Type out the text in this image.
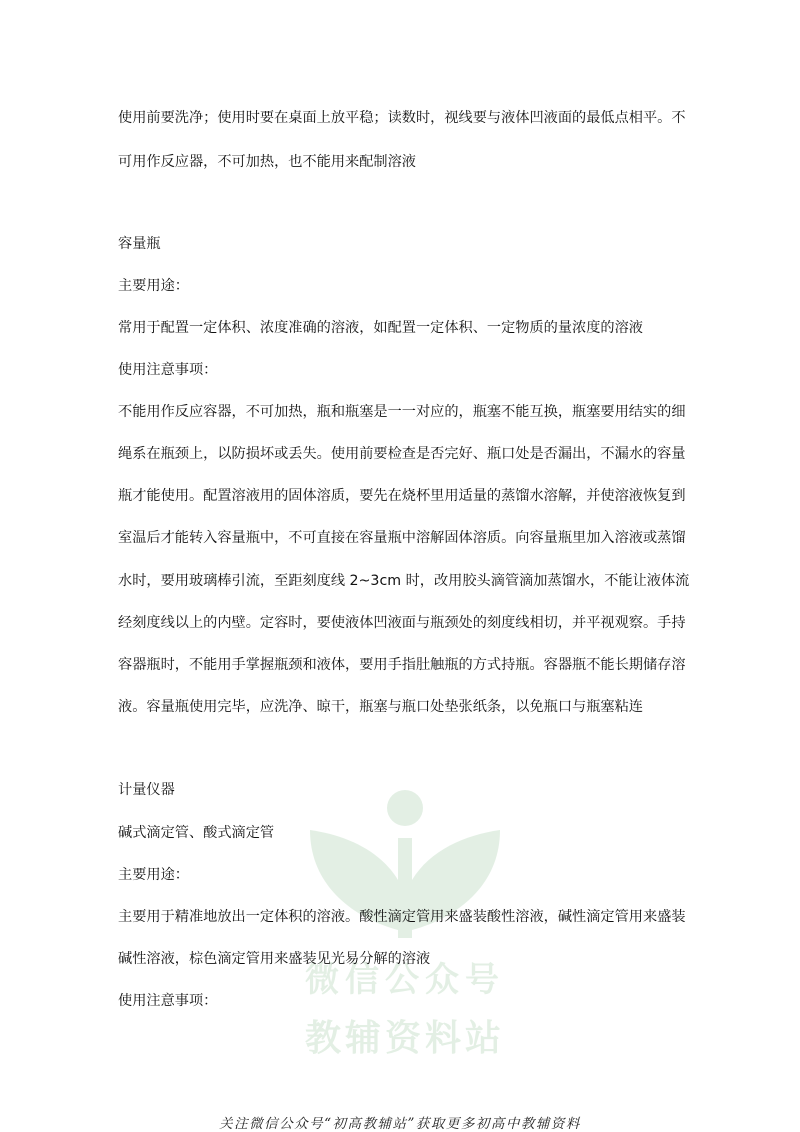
微信公众号
教辅资料站
使用前要洗净；使用时要在桌面上放平稳；读数时，视线要与液体凹液面的最低点相平。不
可用作反应器，不可加热，也不能用来配制溶液
容量瓶
主要用途：
常用于配置一定体积、浓度准确的溶液，如配置一定体积、一定物质的量浓度的溶液
使用注意事项：
不能用作反应容器，不可加热，瓶和瓶塞是一一对应的，瓶塞不能互换，瓶塞要用结实的细
绳系在瓶颈上，以防损坏或丢失。使用前要检查是否完好、瓶口处是否漏出，不漏水的容量
瓶才能使用。配置溶液用的固体溶质，要先在烧杯里用适量的蒸馏水溶解，并使溶液恢复到
室温后才能转入容量瓶中，不可直接在容量瓶中溶解固体溶质。向容量瓶里加入溶液或蒸馏
水时，要用玻璃棒引流，至距刻度线 2~3cm 时，改用胶头滴管滴加蒸馏水，不能让液体流
经刻度线以上的内壁。定容时，要使液体凹液面与瓶颈处的刻度线相切，并平视观察。手持
容器瓶时，不能用手掌握瓶颈和液体，要用手指肚触瓶的方式持瓶。容器瓶不能长期储存溶
液。容量瓶使用完毕，应洗净、晾干，瓶塞与瓶口处垫张纸条，以免瓶口与瓶塞粘连
计量仪器
碱式滴定管、酸式滴定管
主要用途：
主要用于精准地放出一定体积的溶液。酸性滴定管用来盛装酸性溶液，碱性滴定管用来盛装
碱性溶液，棕色滴定管用来盛装见光易分解的溶液
使用注意事项：
关注微信公众号“初高教辅站”获取更多初高中教辅资料
